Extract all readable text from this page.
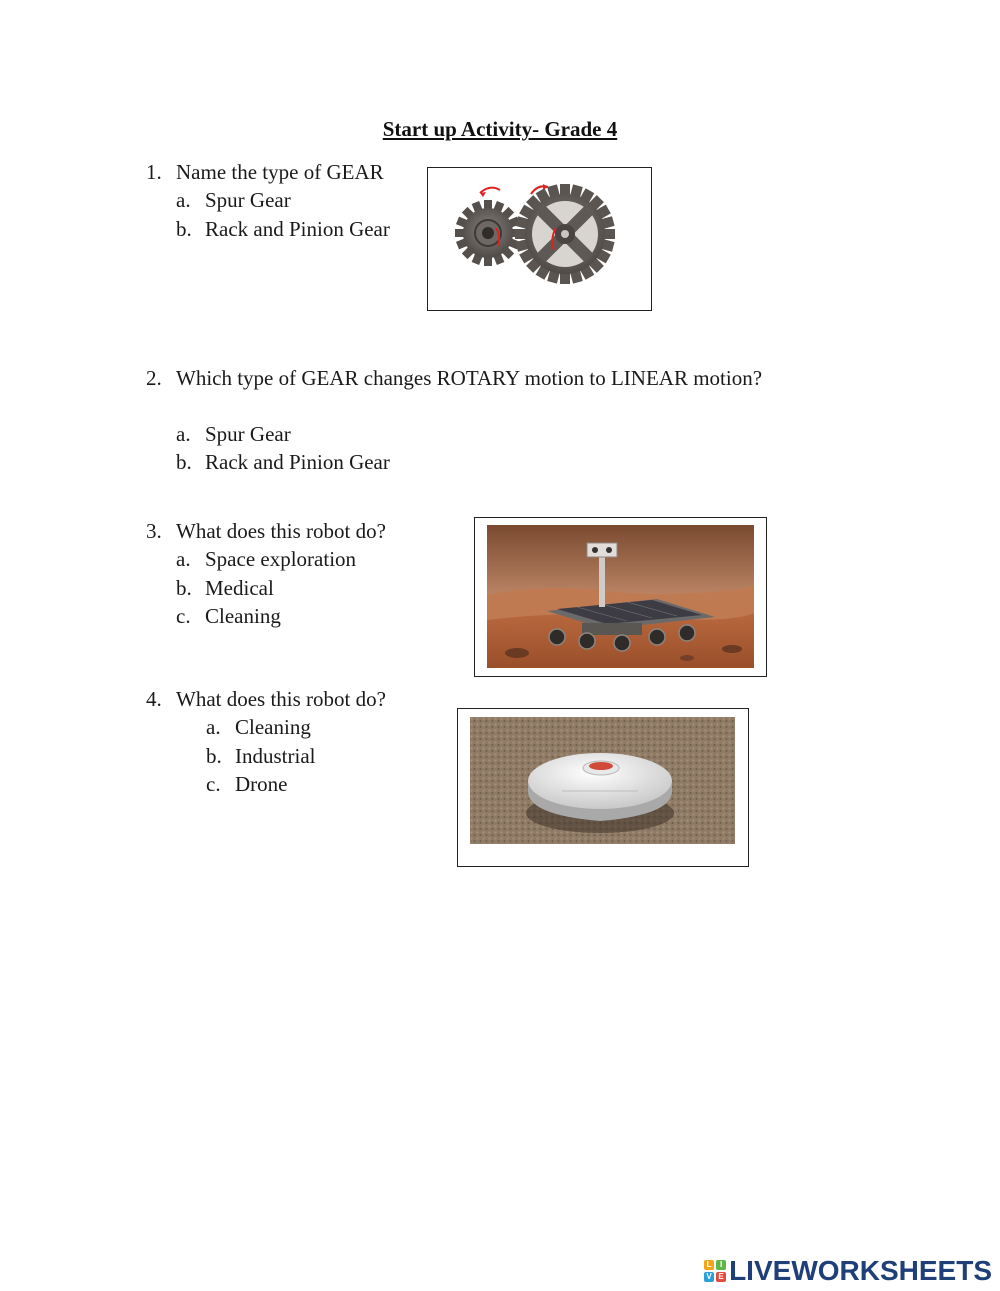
Start up Activity- Grade 4
1. Name the type of GEAR
a. Spur Gear
b. Rack and Pinion Gear
2. Which type of GEAR changes ROTARY motion to LINEAR motion?
a. Spur Gear
b. Rack and Pinion Gear
3. What does this robot do?
a. Space exploration
b. Medical
c. Cleaning
4. What does this robot do?
a. Cleaning
b. Industrial
c. Drone
L	I
V E LIVEWORKSHEETS
